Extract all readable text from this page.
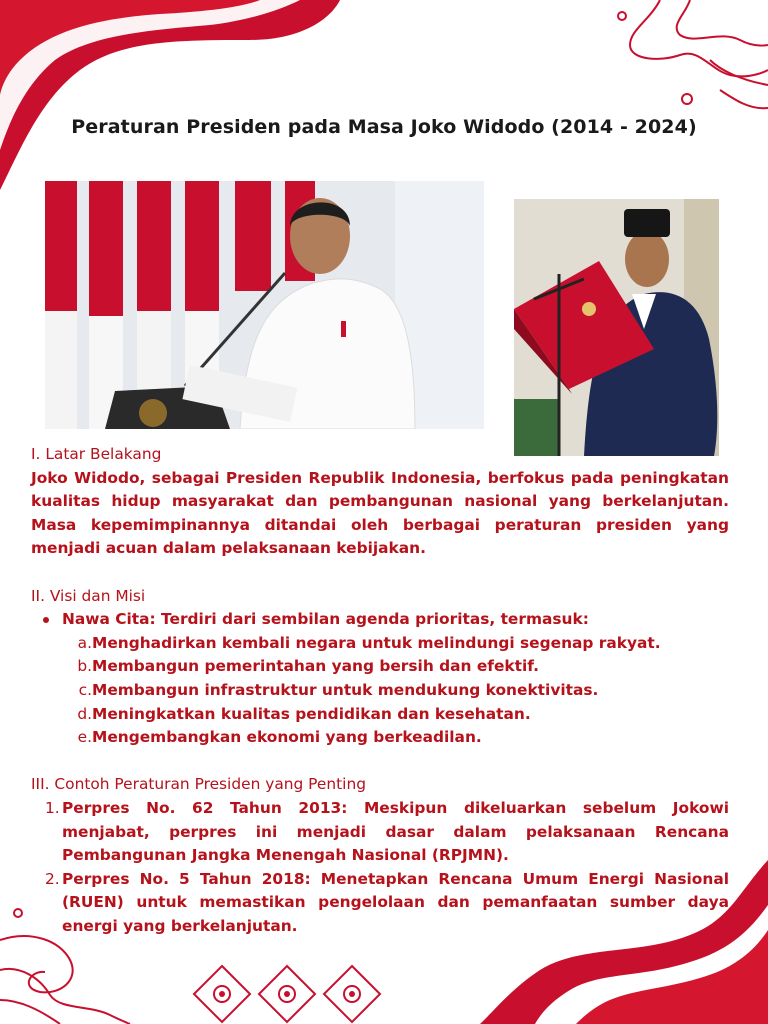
Peraturan Presiden pada Masa Joko Widodo (2014 - 2024)
I. Latar Belakang
Joko Widodo, sebagai Presiden Republik Indonesia, berfokus pada peningkatan kualitas hidup masyarakat dan pembangunan nasional yang berkelanjutan. Masa kepemimpinannya ditandai oleh berbagai peraturan presiden yang menjadi acuan dalam pelaksanaan kebijakan.
II. Visi dan Misi
Nawa Cita: Terdiri dari sembilan agenda prioritas, termasuk:
a. Menghadirkan kembali negara untuk melindungi segenap rakyat.
b. Membangun pemerintahan yang bersih dan efektif.
c. Membangun infrastruktur untuk mendukung konektivitas.
d. Meningkatkan kualitas pendidikan dan kesehatan.
e. Mengembangkan ekonomi yang berkeadilan.
III. Contoh Peraturan Presiden yang Penting
1. Perpres No. 62 Tahun 2013: Meskipun dikeluarkan sebelum Jokowi menjabat, perpres ini menjadi dasar dalam pelaksanaan Rencana Pembangunan Jangka Menengah Nasional (RPJMN).
2. Perpres No. 5 Tahun 2018: Menetapkan Rencana Umum Energi Nasional (RUEN) untuk memastikan pengelolaan dan pemanfaatan sumber daya energi yang berkelanjutan.
